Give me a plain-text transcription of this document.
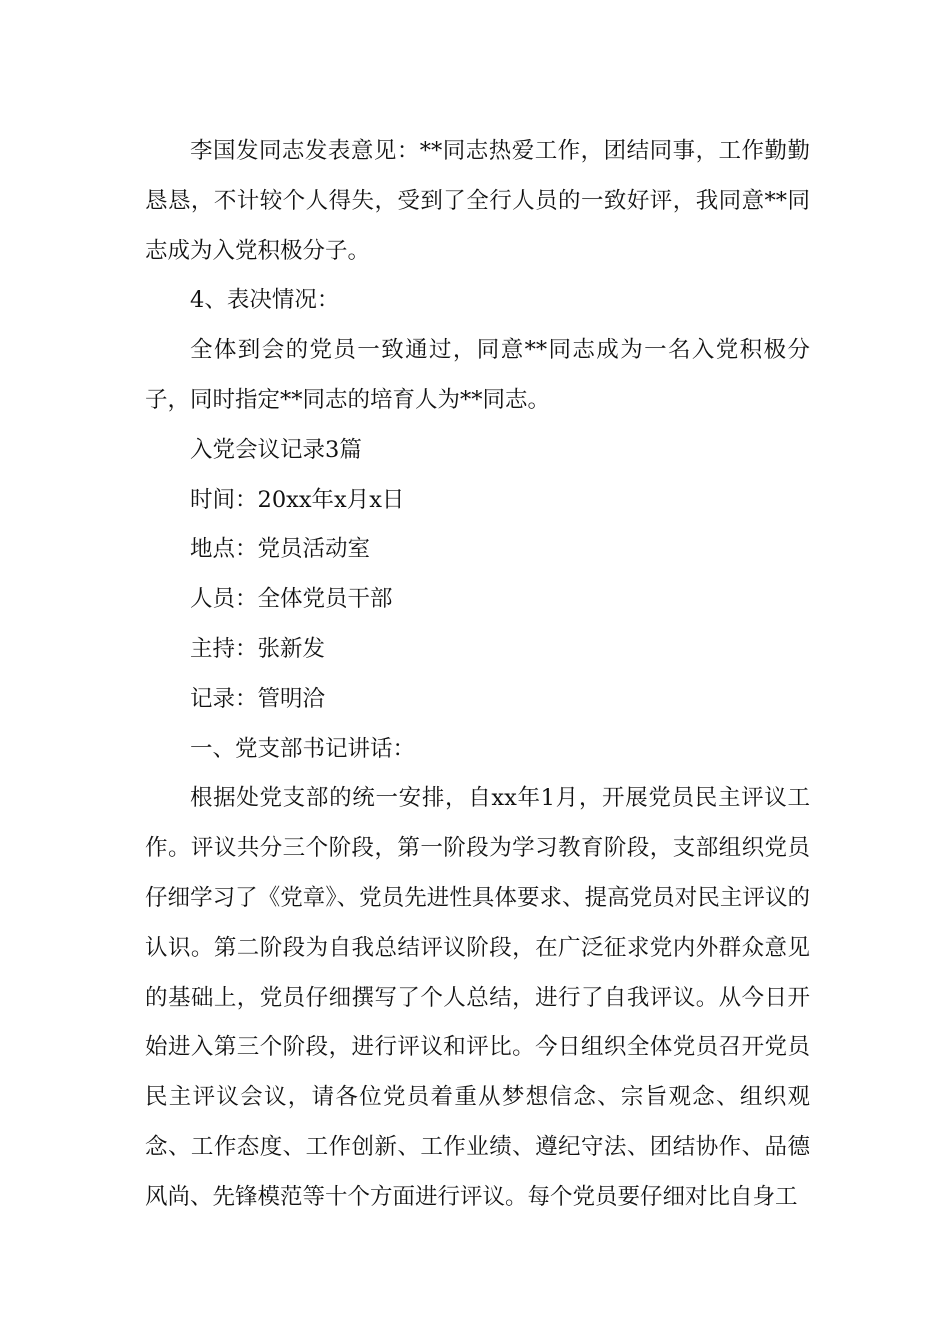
李国发同志发表意见：**同志热爱工作，团结同事，工作勤勤恳恳，不计较个人得失，受到了全行人员的一致好评，我同意**同志成为入党积极分子。

4、表决情况：

全体到会的党员一致通过，同意**同志成为一名入党积极分子，同时指定**同志的培育人为**同志。

入党会议记录3篇

时间：20xx年x月x日

地点：党员活动室

人员：全体党员干部

主持：张新发

记录：管明洽

一、党支部书记讲话：

根据处党支部的统一安排，自xx年1月，开展党员民主评议工作。评议共分三个阶段，第一阶段为学习教育阶段，支部组织党员仔细学习了《党章》、党员先进性具体要求、提高党员对民主评议的认识。第二阶段为自我总结评议阶段，在广泛征求党内外群众意见的基础上，党员仔细撰写了个人总结，进行了自我评议。从今日开始进入第三个阶段，进行评议和评比。今日组织全体党员召开党员民主评议会议，请各位党员着重从梦想信念、宗旨观念、组织观念、工作态度、工作创新、工作业绩、遵纪守法、团结协作、品德风尚、先锋模范等十个方面进行评议。每个党员要仔细对比自身工
